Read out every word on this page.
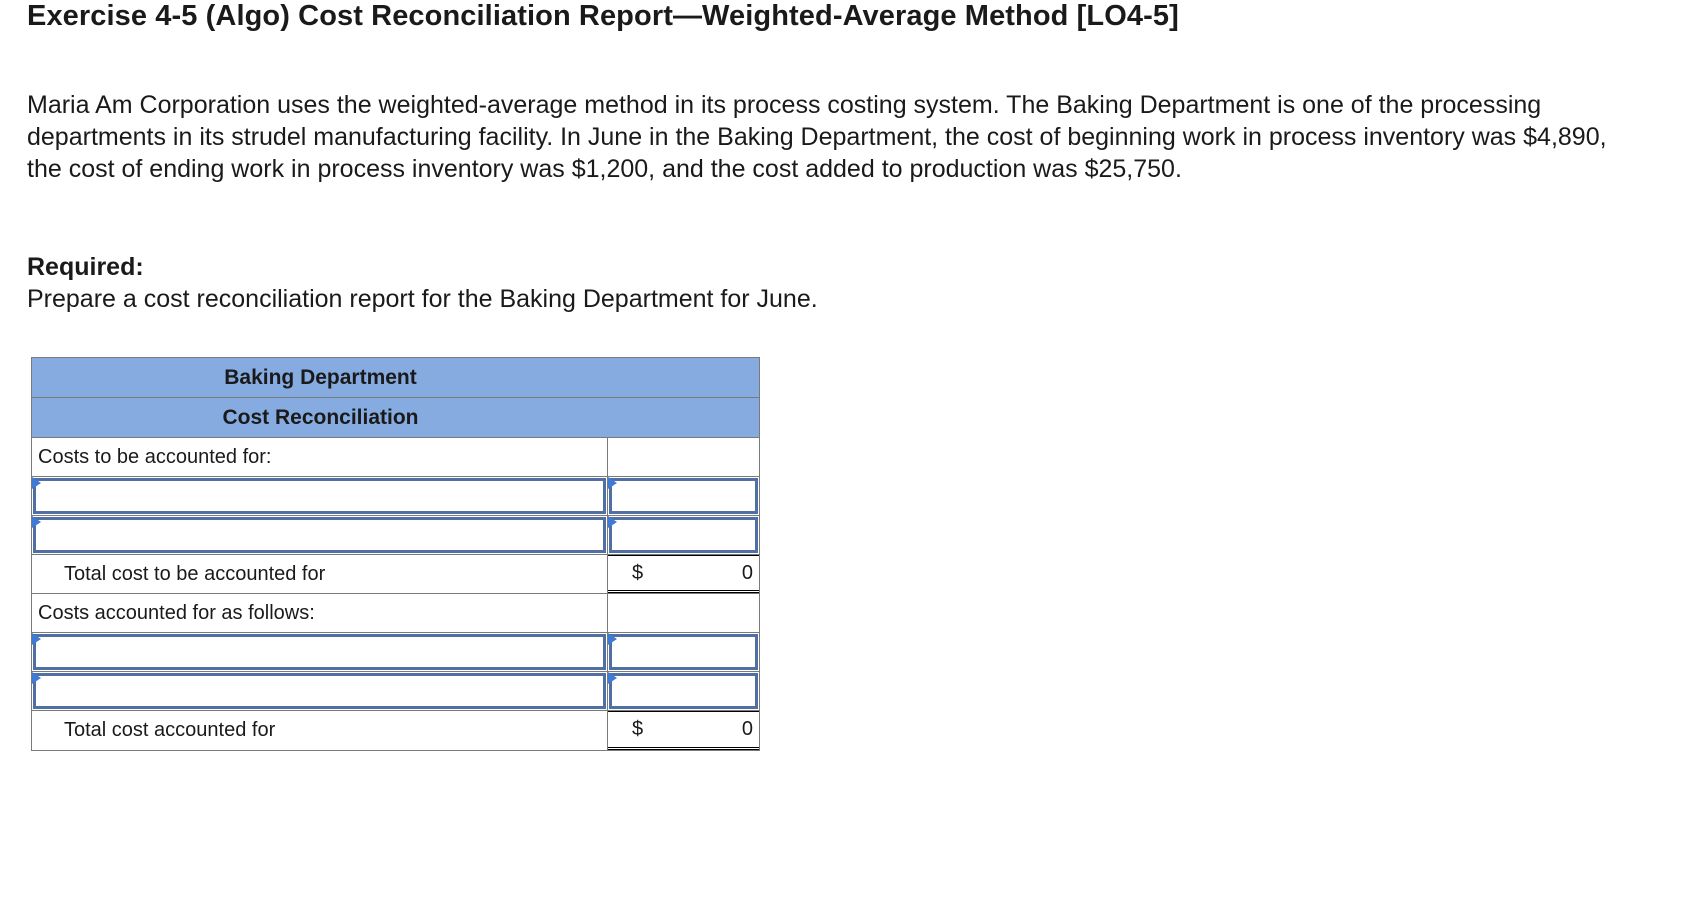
Exercise 4-5 (Algo) Cost Reconciliation Report—Weighted-Average Method [LO4-5]
Maria Am Corporation uses the weighted-average method in its process costing system. The Baking Department is one of the processing departments in its strudel manufacturing facility. In June in the Baking Department, the cost of beginning work in process inventory was $4,890, the cost of ending work in process inventory was $1,200, and the cost added to production was $25,750.
Required:
Prepare a cost reconciliation report for the Baking Department for June.
Baking Department
Cost Reconciliation
Costs to be accounted for:
Total cost to be accounted for	$	0
Costs accounted for as follows:
Total cost accounted for	$	0
